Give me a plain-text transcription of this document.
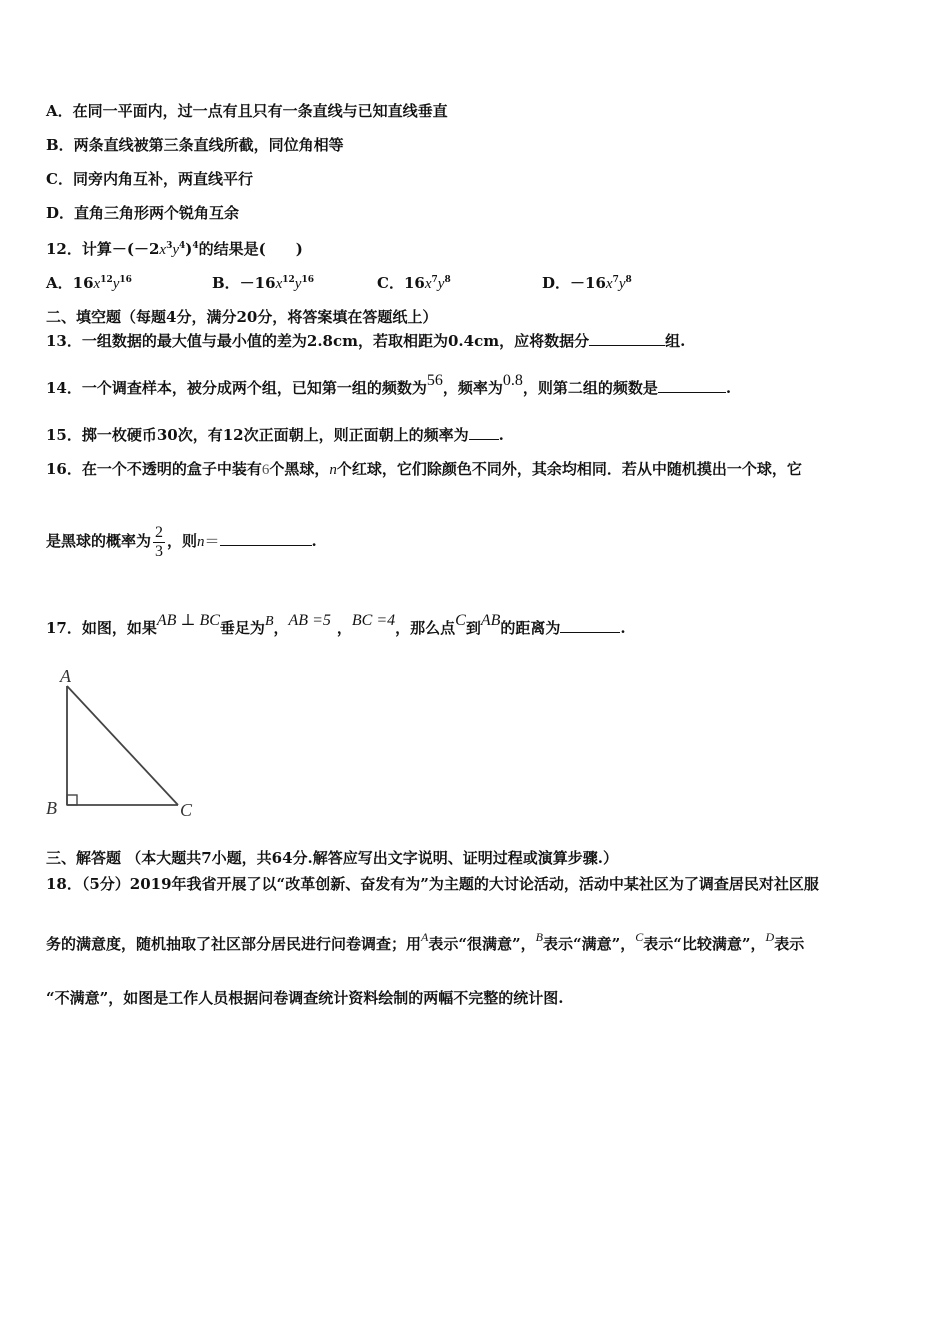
A．在同一平面内，过一点有且只有一条直线与已知直线垂直
B．两条直线被第三条直线所截，同位角相等
C．同旁内角互补，两直线平行
D．直角三角形两个锐角互余
12．计算$-(-2x^3y^4)^4$的结果是(　　)
A．$16x^{12}y^{16}$	B．$-16x^{12}y^{16}$	C．$16x^7y^8$	D．$-16x^7y^8$
二、填空题（每题4分，满分20分，将答案填在答题纸上）
13．一组数据的最大值与最小值的差为2.8cm，若取相距为0.4cm，应将数据分	组.
14．一个调查样本，被分成两个组，已知第一组的频数为56，频率为0.8，则第二组的频数是	.
15．掷一枚硬币30次，有12次正面朝上，则正面朝上的频率为 .
16．在一个不透明的盒子中装有6个黑球，n个红球，它们除颜色不同外，其余均相同．若从中随机摸出一个球，它
是黑球的概率为 $\frac{2}{3}$ ，则n＝	.
17．如图，如果AB ⊥ BC垂足为B，AB =5 ，BC =4，那么点C到AB的距离为	.
A
B	C
三、解答题 （本大题共7小题，共64分.解答应写出文字说明、证明过程或演算步骤.）
18．（5分）2019年我省开展了以“改革创新、奋发有为”为主题的大讨论活动，活动中某社区为了调查居民对社区服
务的满意度，随机抽取了社区部分居民进行问卷调查；用$^A$表示“很满意”，$^B$表示“满意”，$^C$表示“比较满意”，$^D$表示
“不满意”，如图是工作人员根据问卷调查统计资料绘制的两幅不完整的统计图.
